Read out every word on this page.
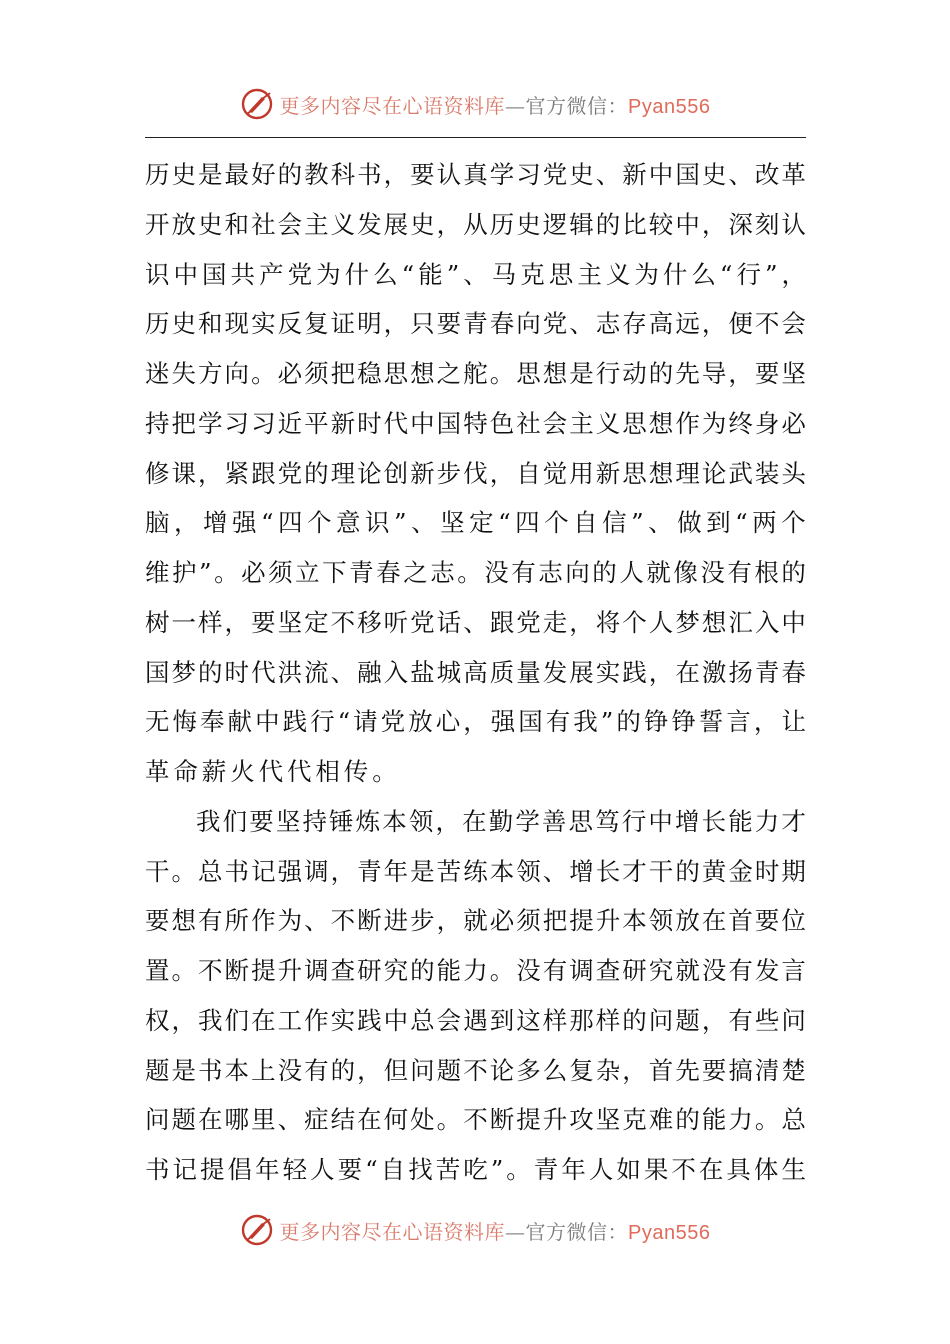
更多内容尽在心语资料库—官方微信：Pyan556
历 史 是 最 好 的 教 科 书 ， 要 认 真 学 习 党 史 、 新 中 国 史 、 改 革
开 放 史 和 社 会 主 义 发 展 史 ， 从 历 史 逻 辑 的 比 较 中 ， 深 刻 认
识 中 国 共 产 党 为 什 么 “ 能 ” 、 马 克 思 主 义 为 什 么 “ 行 ” ，
历 史 和 现 实 反 复 证 明 ， 只 要 青 春 向 党 、 志 存 高 远 ， 便 不 会
迷 失 方 向 。 必 须 把 稳 思 想 之 舵 。 思 想 是 行 动 的 先 导 ， 要 坚
持 把 学 习 习 近 平 新 时 代 中 国 特 色 社 会 主 义 思 想 作 为 终 身 必
修 课 ， 紧 跟 党 的 理 论 创 新 步 伐 ， 自 觉 用 新 思 想 理 论 武 装 头
脑 ， 增 强 “ 四 个 意 识 ” 、 坚 定 “ 四 个 自 信 ” 、 做 到 “ 两 个
维 护 ” 。 必 须 立 下 青 春 之 志 。 没 有 志 向 的 人 就 像 没 有 根 的
树 一 样 ， 要 坚 定 不 移 听 党 话 、 跟 党 走 ， 将 个 人 梦 想 汇 入 中
国 梦 的 时 代 洪 流 、 融 入 盐 城 高 质 量 发 展 实 践 ， 在 激 扬 青 春
无 悔 奉 献 中 践 行 “ 请 党 放 心 ， 强 国 有 我 ” 的 铮 铮 誓 言 ， 让
革命薪火代代相传。
我 们 要 坚 持 锤 炼 本 领 ， 在 勤 学 善 思 笃 行 中 增 长 能 力 才
干 。 总 书 记 强 调 ， 青 年 是 苦 练 本 领 、 增 长 才 干 的 黄 金 时 期
要 想 有 所 作 为 、 不 断 进 步 ， 就 必 须 把 提 升 本 领 放 在 首 要 位
置 。 不 断 提 升 调 查 研 究 的 能 力 。 没 有 调 查 研 究 就 没 有 发 言
权 ， 我 们 在 工 作 实 践 中 总 会 遇 到 这 样 那 样 的 问 题 ， 有 些 问
题 是 书 本 上 没 有 的 ， 但 问 题 不 论 多 么 复 杂 ， 首 先 要 搞 清 楚
问 题 在 哪 里 、 症 结 在 何 处 。 不 断 提 升 攻 坚 克 难 的 能 力 。 总
书 记 提 倡 年 轻 人 要 “ 自 找 苦 吃 ” 。 青 年 人 如 果 不 在 具 体 生
更多内容尽在心语资料库—官方微信：Pyan556
